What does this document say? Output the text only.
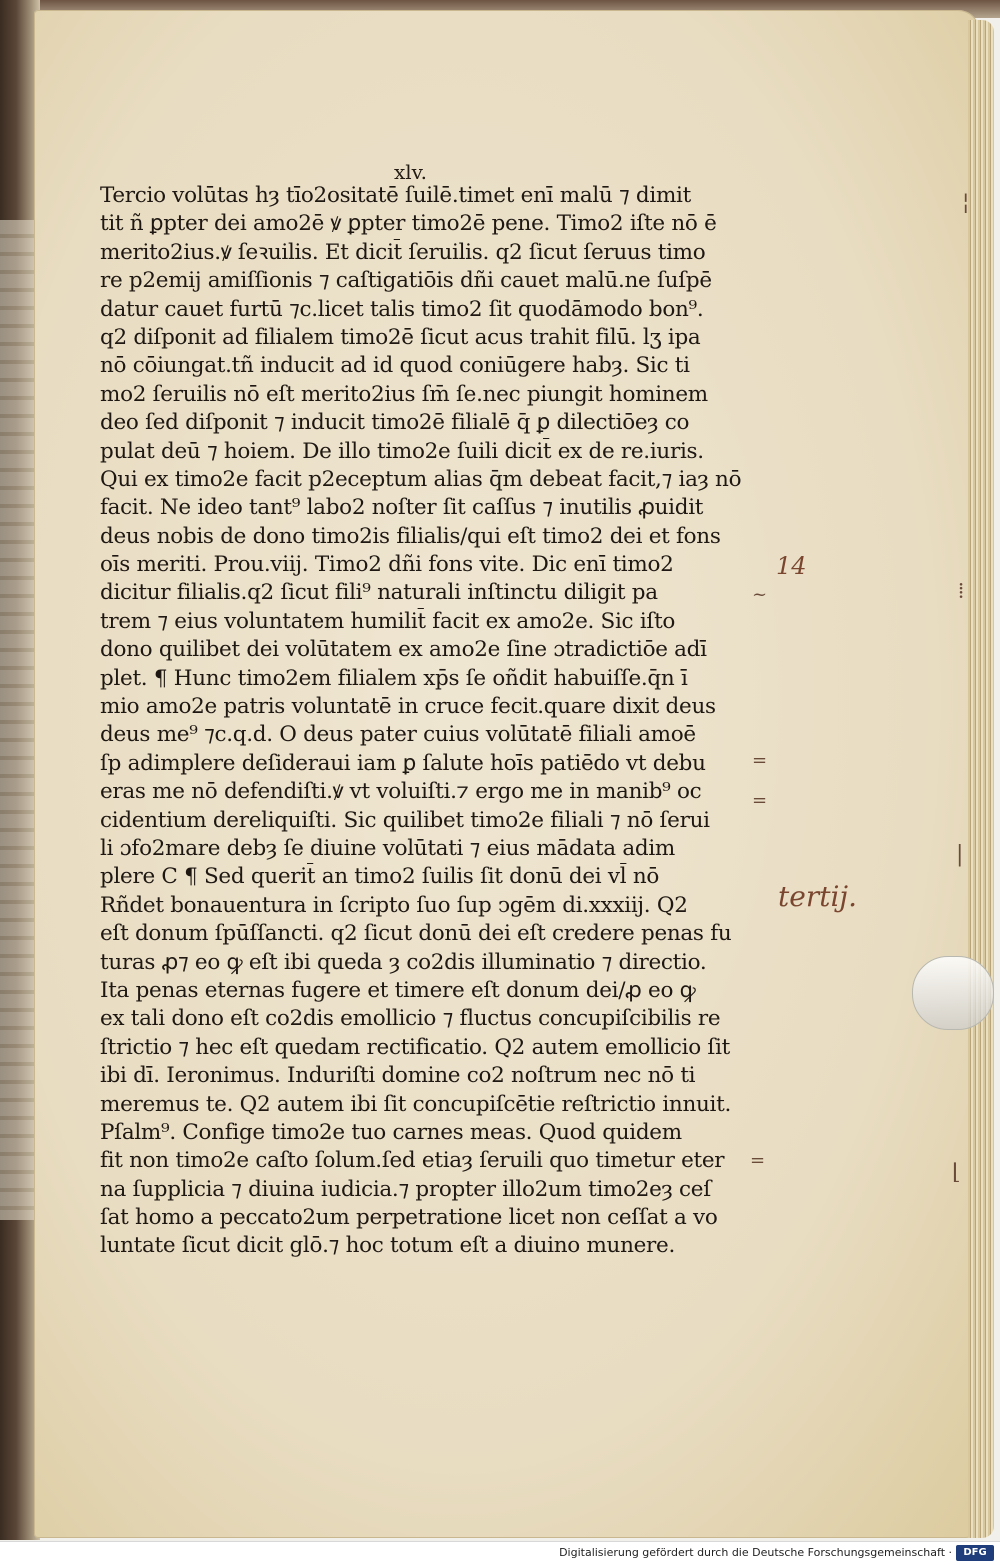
xlv.
Tercio volūtas hȝ tīo2ositatē ſuilē.timet enī malū ⁊ dimit
tit ñ ꝑpter dei amo2ē ꝟ ꝑpter timo2ē pene. Timo2 iſte nō ē
merito2ius.ꝟ ſeꝛuilis. Et dicit̄ ſeruilis. q2 ſicut ſeruus timo
re p2emij amiſſionis ⁊ caſtigatiōis dñi cauet malū.ne ſuſpē
datur cauet furtū ⁊c.licet talis timo2 ſit quodāmodo bon⁹.
q2 diſponit ad filialem timo2ē ſicut acus trahit filū. lʒ ipa
nō cōiungat.tñ inducit ad id quod coniūgere habȝ. Sic ti
mo2 ſeruilis nō eſt merito2ius ſm̄ ſe.nec piungit hominem
deo ſed diſponit ⁊ inducit timo2ē filialē q̄ ꝑ dilectiōeȝ co
pulat deū ⁊ hoiem. De illo timo2e ſuili dicit̄ ex de re.iuris.
Qui ex timo2e facit p2eceptum alias q̄m debeat facit,⁊ iaȝ nō
facit. Ne ideo tant⁹ labo2 noſter ſit caſſus ⁊ inutilis ꝓuidit
deus nobis de dono timo2is filialis/qui eſt timo2 dei et fons
oīs meriti. Prou.viij. Timo2 dñi fons vite. Dic enī timo2
dicitur filialis.q2 ſicut fili⁹ naturali inſtinctu diligit pa
trem ⁊ eius voluntatem humilit̄ facit ex amo2e. Sic iſto
dono quilibet dei volūtatem ex amo2e ſine ɔtradictiōe adī
plet. ¶ Hunc timo2em filialem xp̄s ſe oñdit habuiſſe.q̄n ī
mio amo2e patris voluntatē in cruce fecit.quare dixit deus
deus me⁹ ⁊c.q.d. O deus pater cuius volūtatē filiali amoē
ſp adimplere deſideraui iam ꝑ ſalute hoīs patiēdo vt debu
eras me nō defendiſti.ꝟ vt voluiſti.⁊ ergo me in manib⁹ oc
cidentium dereliquiſti. Sic quilibet timo2e filiali ⁊ nō ſerui
li ɔfo2mare debȝ ſe diuine volūtati ⁊ eius mādata adim
plere C ¶ Sed querit̄ an timo2 ſuilis ſit donū dei vl̄ nō
Rñdet bonauentura in ſcripto ſuo ſup ↄgēm di.xxxiij. Q2
eſt donum ſpūſſancti. q2 ſicut donū dei eſt credere penas fu
turas ꝓ⁊ eo ꝙ eſt ibi queda ȝ co2dis illuminatio ⁊ directio.
Ita penas eternas fugere et timere eſt donum dei/ꝓ eo ꝙ
ex tali dono eſt co2dis emollicio ⁊ fluctus concupiſcibilis re
ſtrictio ⁊ hec eſt quedam rectificatio. Q2 autem emollicio ſit
ibi dī. Ieronimus. Induriſti domine co2 noſtrum nec nō ti
meremus te. Q2 autem ibi ſit concupiſcētie reſtrictio innuit.
Pſalm⁹. Confige timo2e tuo carnes meas. Quod quidem
fit non timo2e caſto ſolum.ſed etiaȝ ſeruili quo timetur eter
na ſupplicia ⁊ diuina iudicia.⁊ propter illo2um timo2eȝ ceſ
ſat homo a peccato2um perpetratione licet non ceſſat a vo
luntate ſicut dicit glō.⁊ hoc totum eſt a diuino munere.
14
tertij.
¦
⁞
|
⌊
~
=
=
=
Digitalisierung gefördert durch die Deutsche Forschungsgemeinschaft ·	DFG
